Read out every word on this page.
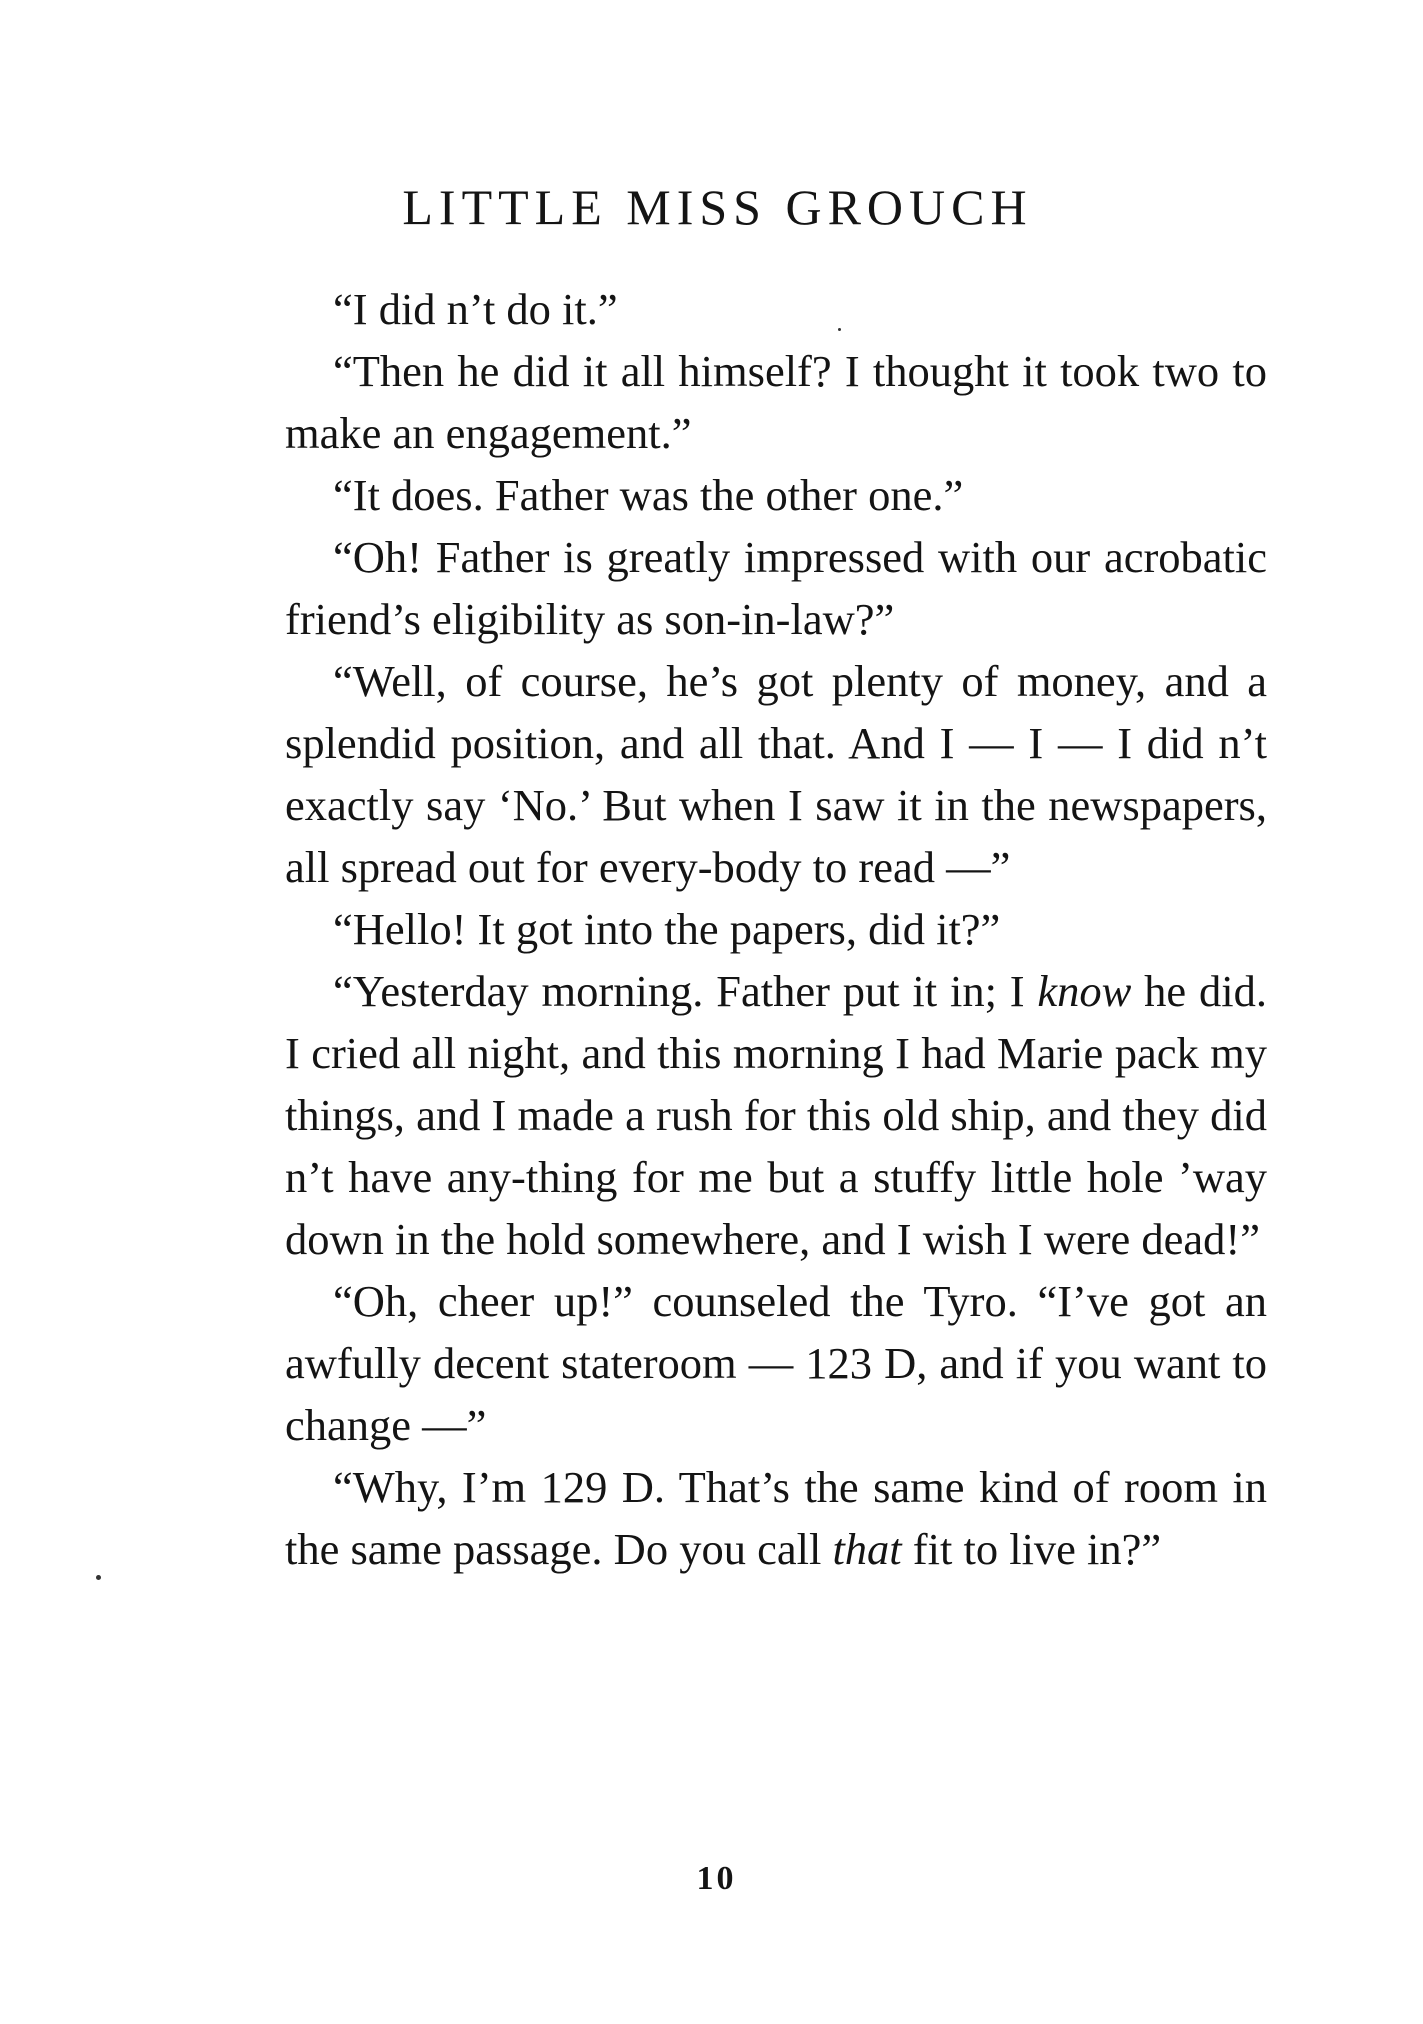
LITTLE MISS GROUCH

“I did n’t do it.”

“Then he did it all himself? I thought it took two to make an engagement.”

“It does. Father was the other one.”

“Oh! Father is greatly impressed with our acrobatic friend’s eligibility as son-in-law?”

“Well, of course, he’s got plenty of money, and a splendid position, and all that. And I — I — I did n’t exactly say ‘No.’ But when I saw it in the newspapers, all spread out for every-body to read —”

“Hello! It got into the papers, did it?”

“Yesterday morning. Father put it in; I know he did. I cried all night, and this morning I had Marie pack my things, and I made a rush for this old ship, and they did n’t have any-thing for me but a stuffy little hole ’way down in the hold somewhere, and I wish I were dead!”

“Oh, cheer up!” counseled the Tyro. “I’ve got an awfully decent stateroom — 123 D, and if you want to change —”

“Why, I’m 129 D. That’s the same kind of room in the same passage. Do you call that fit to live in?”

10
